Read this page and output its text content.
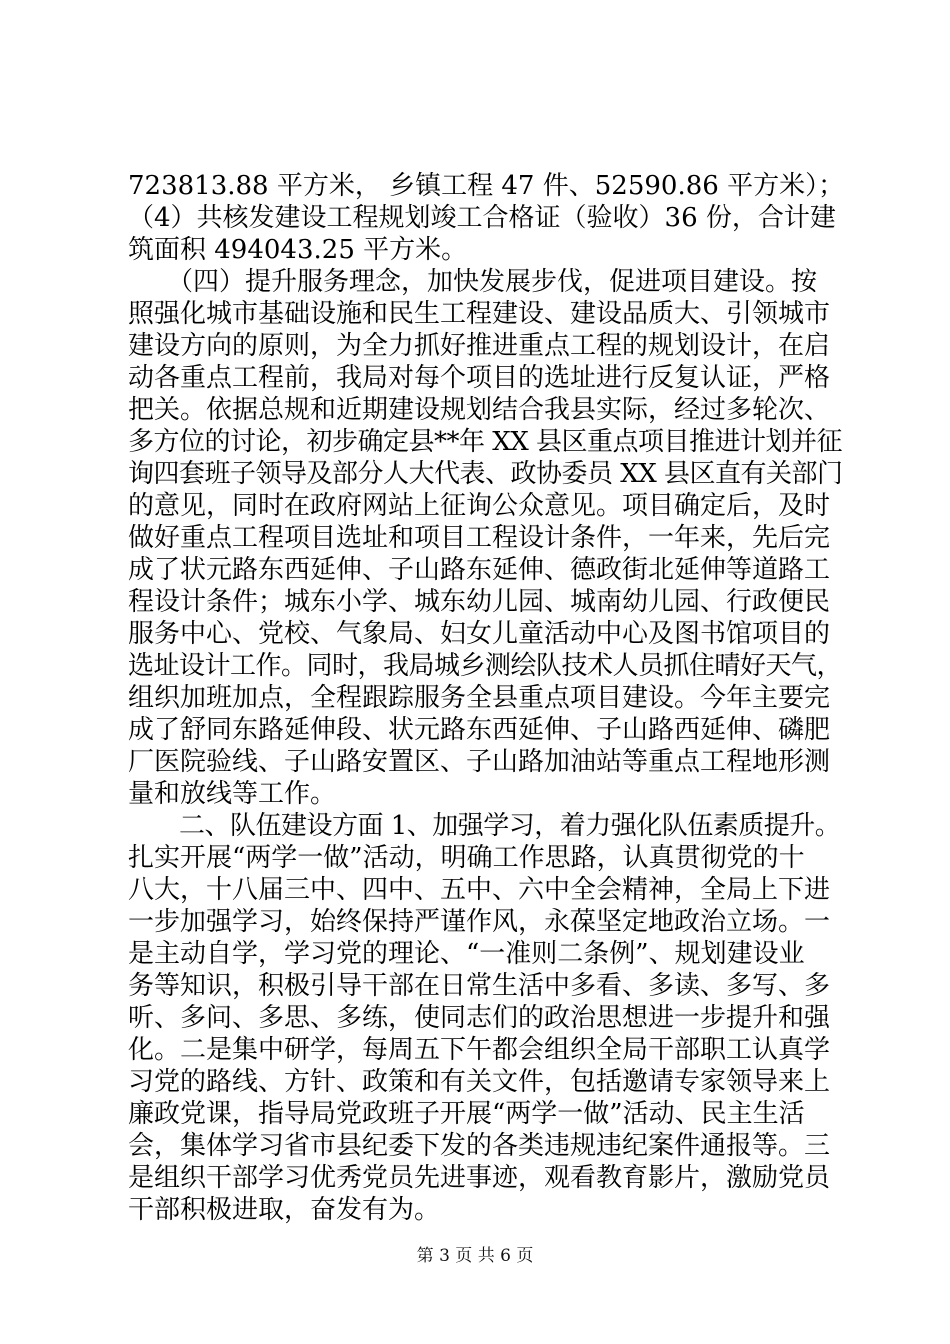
723813.88 平方米， 乡镇工程 47 件、52590.86 平方米）；
（4）共核发建设工程规划竣工合格证（验收）36 份，合计建
筑面积 494043.25 平方米。
　　（四）提升服务理念，加快发展步伐，促进项目建设。按
照强化城市基础设施和民生工程建设、建设品质大、引领城市
建设方向的原则，为全力抓好推进重点工程的规划设计，在启
动各重点工程前，我局对每个项目的选址进行反复认证，严格
把关。依据总规和近期建设规划结合我县实际，经过多轮次、
多方位的讨论，初步确定县**年 XX 县区重点项目推进计划并征
询四套班子领导及部分人大代表、政协委员 XX 县区直有关部门
的意见，同时在政府网站上征询公众意见。项目确定后，及时
做好重点工程项目选址和项目工程设计条件，一年来，先后完
成了状元路东西延伸、子山路东延伸、德政街北延伸等道路工
程设计条件；城东小学、城东幼儿园、城南幼儿园、行政便民
服务中心、党校、气象局、妇女儿童活动中心及图书馆项目的
选址设计工作。同时，我局城乡测绘队技术人员抓住晴好天气，
组织加班加点，全程跟踪服务全县重点项目建设。今年主要完
成了舒同东路延伸段、状元路东西延伸、子山路西延伸、磷肥
厂医院验线、子山路安置区、子山路加油站等重点工程地形测
量和放线等工作。
　　二、队伍建设方面 1、加强学习，着力强化队伍素质提升。
扎实开展“两学一做”活动，明确工作思路，认真贯彻党的十
八大，十八届三中、四中、五中、六中全会精神，全局上下进
一步加强学习，始终保持严谨作风，永葆坚定地政治立场。一
是主动自学，学习党的理论、“一准则二条例”、规划建设业
务等知识，积极引导干部在日常生活中多看、多读、多写、多
听、多问、多思、多练，使同志们的政治思想进一步提升和强
化。二是集中研学，每周五下午都会组织全局干部职工认真学
习党的路线、方针、政策和有关文件，包括邀请专家领导来上
廉政党课，指导局党政班子开展“两学一做”活动、民主生活
会，集体学习省市县纪委下发的各类违规违纪案件通报等。三
是组织干部学习优秀党员先进事迹，观看教育影片，激励党员
干部积极进取，奋发有为。
第 3 页 共 6 页
